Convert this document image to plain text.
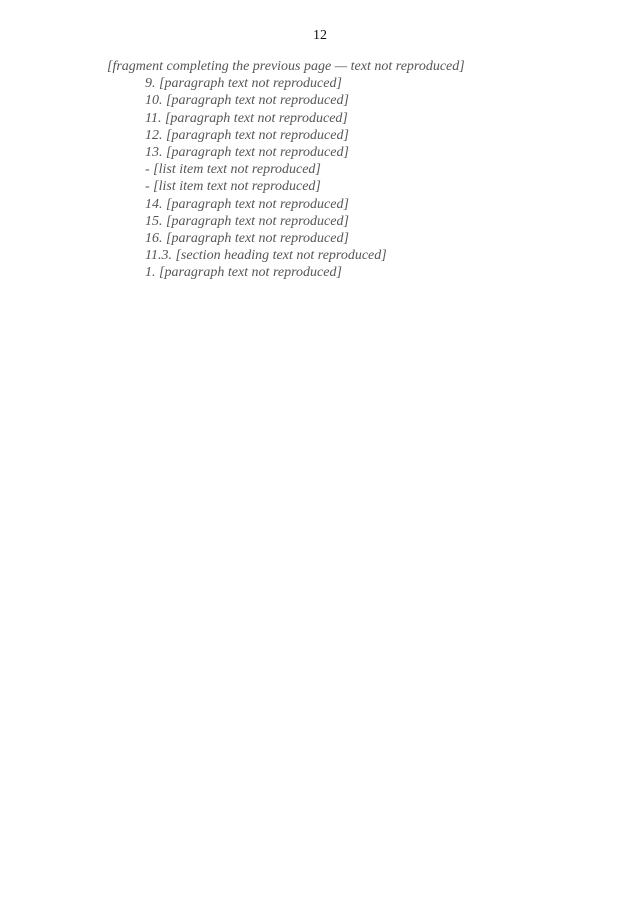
12

[fragment completing the previous page — text not reproduced]

9. [paragraph text not reproduced]

10. [paragraph text not reproduced]

11. [paragraph text not reproduced]

12. [paragraph text not reproduced]

13. [paragraph text not reproduced]

- [list item text not reproduced]

- [list item text not reproduced]

14. [paragraph text not reproduced]

15. [paragraph text not reproduced]

16. [paragraph text not reproduced]

11.3. [section heading text not reproduced]

1. [paragraph text not reproduced]
